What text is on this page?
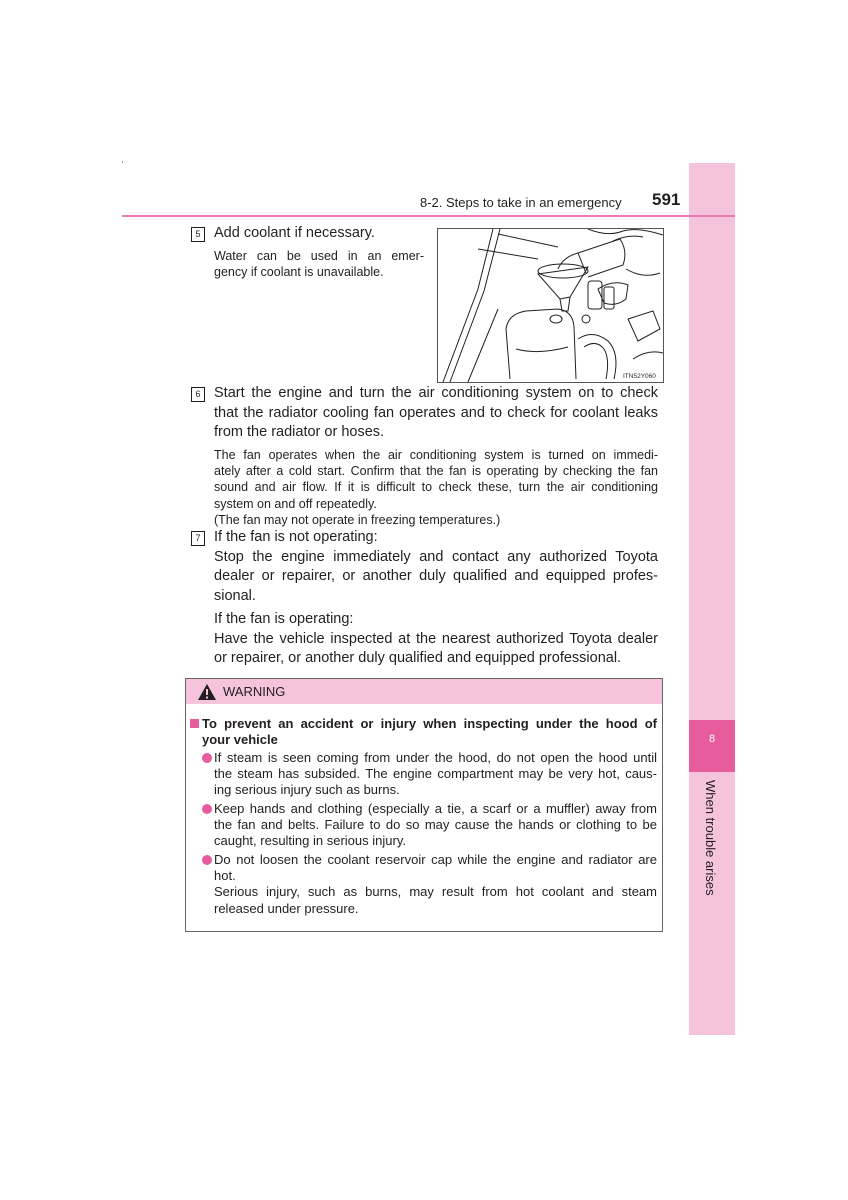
8
When trouble arises
8-2. Steps to take in an emergency 591
5 Add coolant if necessary.
Water can be used in an emer-
gency if coolant is unavailable.
ITN52Y060
6 Start the engine and turn the air conditioning system on to check
that the radiator cooling fan operates and to check for coolant leaks
from the radiator or hoses.
The fan operates when the air conditioning system is turned on immedi-
ately after a cold start. Confirm that the fan is operating by checking the fan
sound and air flow. If it is difficult to check these, turn the air conditioning
system on and off repeatedly.
(The fan may not operate in freezing temperatures.)
7 If the fan is not operating:
Stop the engine immediately and contact any authorized Toyota
dealer or repairer, or another duly qualified and equipped profes-
sional.
If the fan is operating:
Have the vehicle inspected at the nearest authorized Toyota dealer
or repairer, or another duly qualified and equipped professional.
WARNING
To prevent an accident or injury when inspecting under the hood of
your vehicle
If steam is seen coming from under the hood, do not open the hood until
the steam has subsided. The engine compartment may be very hot, caus-
ing serious injury such as burns.
Keep hands and clothing (especially a tie, a scarf or a muffler) away from
the fan and belts. Failure to do so may cause the hands or clothing to be
caught, resulting in serious injury.
Do not loosen the coolant reservoir cap while the engine and radiator are
hot.
Serious injury, such as burns, may result from hot coolant and steam
released under pressure.
